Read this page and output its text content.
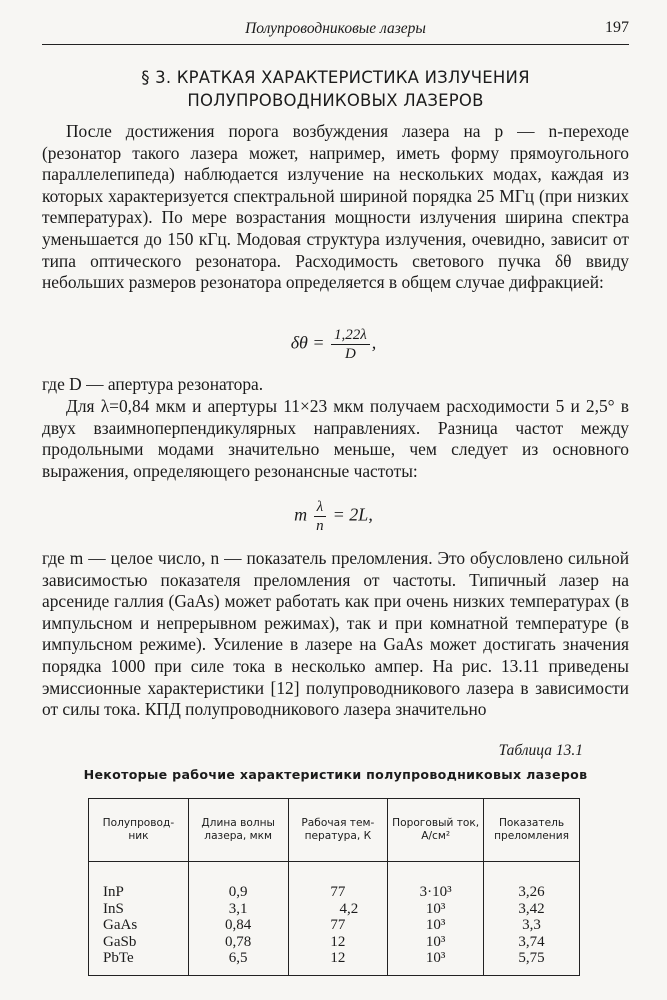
Полупроводниковые лазеры	197
§ 3. КРАТКАЯ ХАРАКТЕРИСТИКА ИЗЛУЧЕНИЯ
ПОЛУПРОВОДНИКОВЫХ ЛАЗЕРОВ
После достижения порога возбуждения лазера на p — n-переходе (резонатор такого лазера может, например, иметь форму прямоугольного параллелепипеда) наблюдается излучение на нескольких модах, каждая из которых характеризуется спектральной шириной порядка 25 МГц (при низких температурах). По мере возрастания мощности излучения ширина спектра уменьшается до 150 кГц. Модовая структура излучения, очевидно, зависит от типа оптического резонатора. Расходимость светового пучка δθ ввиду небольших размеров резонатора определяется в общем случае дифракцией:
$\delta\theta = \frac{1,22\lambda}{D}$ ,
где D — апертура резонатора.
Для λ=0,84 мкм и апертуры 11×23 мкм получаем расходимости 5 и 2,5° в двух взаимноперпендикулярных направлениях. Разница частот между продольными модами значительно меньше, чем следует из основного выражения, определяющего резонансные частоты:
m $\frac{\lambda}{n} = 2L$,
где m — целое число, n — показатель преломления. Это обусловлено сильной зависимостью показателя преломления от частоты. Типичный лазер на арсениде галлия (GaAs) может работать как при очень низких температурах (в импульсном и непрерывном режимах), так и при комнатной температуре (в импульсном режиме). Усиление в лазере на GaAs может достигать значения порядка 1000 при силе тока в несколько ампер. На рис. 13.11 приведены эмиссионные характеристики [12] полупроводникового лазера в зависимости от силы тока. КПД полупроводникового лазера значительно
Таблица 13.1
Некоторые рабочие характеристики полупроводниковых лазеров
Полупровод- ник	Длина волны лазера, мкм	Рабочая тем- пература, К	Пороговый ток, А/см²	Показатель преломления
InP	0,9	77	3·10³	3,26
InS	3,1	4,2	10³	3,42
GaAs	0,84	77	10³	3,3
GaSb	0,78	12	10³	3,74
PbTe	6,5	12	10³	5,75
